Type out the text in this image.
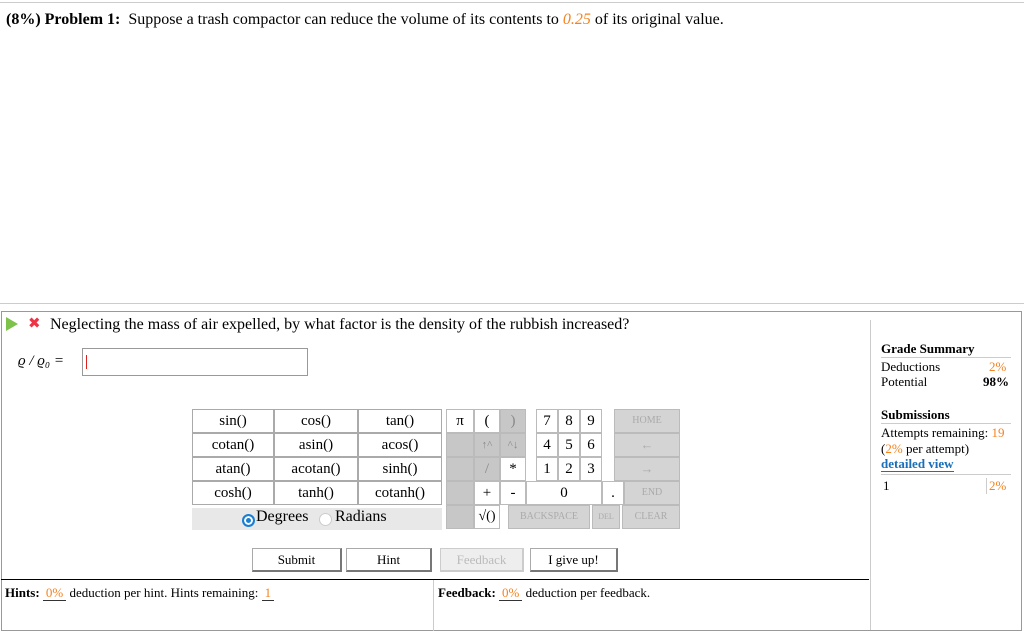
(8%) Problem 1: Suppose a trash compactor can reduce the volume of its contents to 0.25 of its original value.
✖ Neglecting the mass of air expelled, by what factor is the density of the rubbish increased?
ϱ / ϱ₀ =
sin()	cos()	tan()
cotan()	asin()	acos()
atan()	acotan()	sinh()
cosh()	tanh()	cotanh()
π	(	)
↑^	^↓
/	*
+	-
√()
7 8 9
4 5 6
1 2 3
0	.
HOME
←
→
END
BACKSPACE	DEL	CLEAR
Degrees Radians
Submit	Hint	Feedback	I give up!
Hints: 0% deduction per hint. Hints remaining: 1	Feedback: 0% deduction per feedback.
Grade Summary
Deductions	2%
Potential	98%
Submissions
Attempts remaining: 19
(2% per attempt)
detailed view
1	2%
